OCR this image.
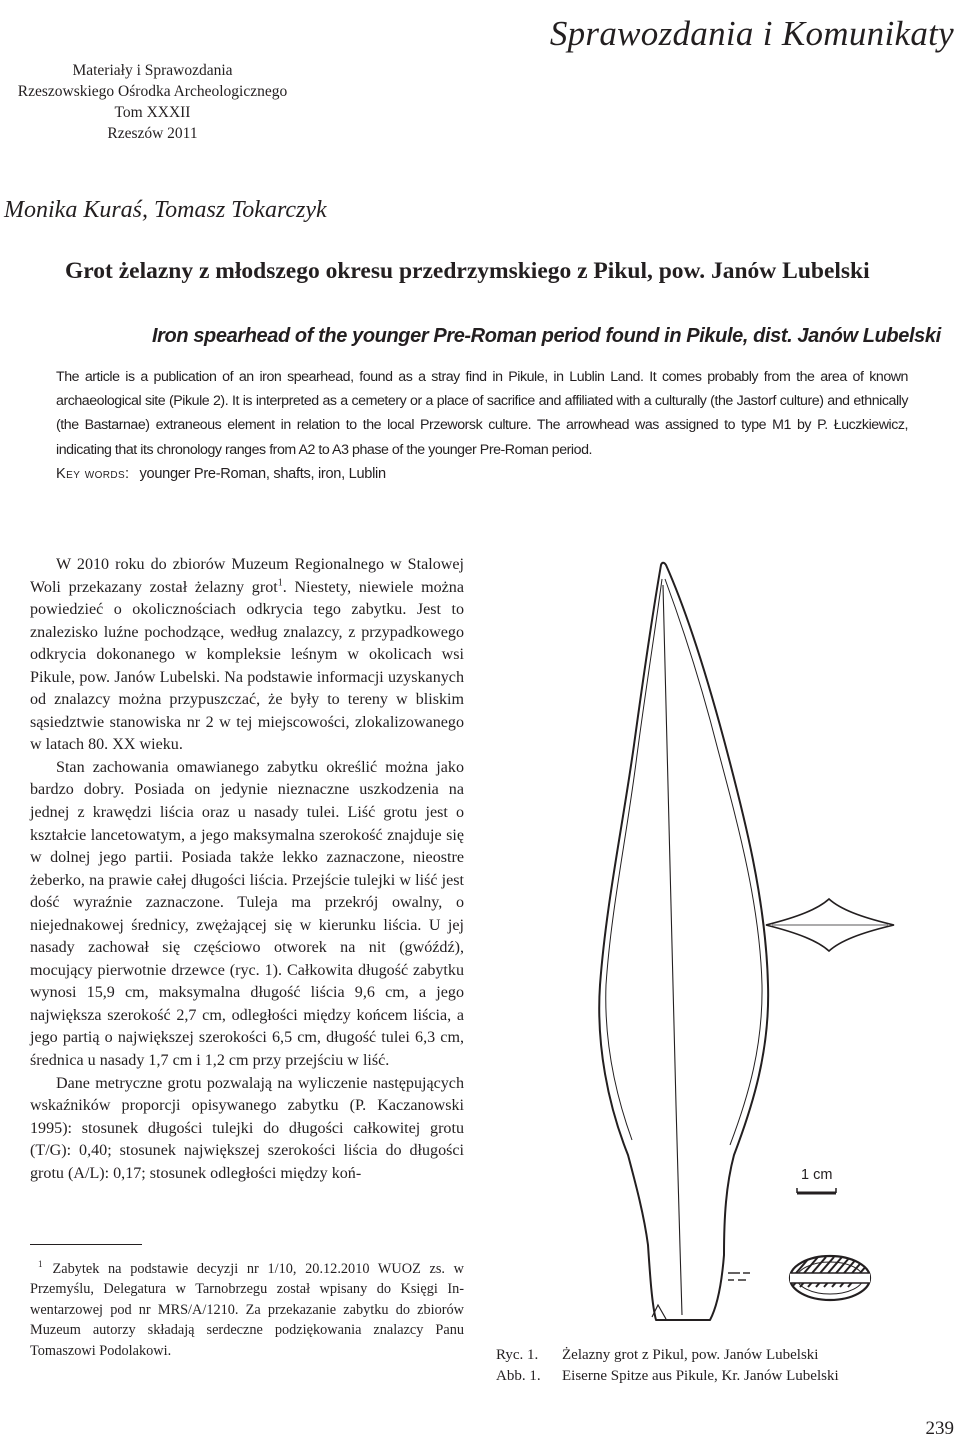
Sprawozdania i Komunikaty
Materiały i Sprawozdania
Rzeszowskiego Ośrodka Archeologicznego
Tom XXXII
Rzeszów 2011
Monika Kuraś, Tomasz Tokarczyk
Grot żelazny z młodszego okresu przedrzymskiego z Pikul, pow. Janów Lubelski
Iron spearhead of the younger Pre-Roman period found in Pikule, dist. Janów Lubelski
The article is a publication of an iron spearhead, found as a stray find in Pikule, in Lublin Land. It comes probably from the area of known archaeological site (Pikule 2). It is interpreted as a cemetery or a place of sacrifice and affiliated with a culturally (the Jastorf culture) and ethnically (the Bastarnae) extraneous element in relation to the local Przeworsk culture. The arrowhead was assigned to type M1 by P. Łuczkiewicz, indicating that its chronology ranges from A2 to A3 phase of the younger Pre-Roman period.
Key words: younger Pre-Roman, shafts, iron, Lublin

W 2010 roku do zbiorów Muzeum Regionalnego w Stalowej Woli przekazany został żelazny grot$^1$. Niestety, niewiele można powiedzieć o okolicznościach odkrycia tego zabytku. Jest to znalezisko luźne pochodzące, według znalazcy, z przypadkowego odkrycia dokonanego w kompleksie leśnym w okolicach wsi Pikule, pow. Janów Lubelski. Na podstawie informacji uzyskanych od znalazcy można przypuszczać, że były to tereny w bliskim sąsiedztwie stanowiska nr 2 w tej miejscowości, zlokalizowanego w latach 80. XX wieku.

Stan zachowania omawianego zabytku określić można jako bardzo dobry. Posiada on jedynie nieznaczne uszkodzenia na jednej z krawędzi liścia oraz u nasady tulei. Liść grotu jest o kształcie lancetowatym, a jego maksymalna szerokość znajduje się w dolnej jego partii. Posiada także lekko zaznaczone, nieostre żeberko, na prawie całej długości liścia. Przejście tulejki w liść jest dość wyraźnie zaznaczone. Tuleja ma przekrój owalny, o niejednakowej średnicy, zwężającej się w kierunku liścia. U jej nasady zachował się częściowo otworek na nit (gwóźdź), mocujący pierwotnie drzewce (ryc. 1). Całkowita długość zabytku wynosi 15,9 cm, maksymalna długość liścia 9,6 cm, a jego największa szerokość 2,7 cm, odległości między końcem liścia, a jego partią o największej szerokości 6,5 cm, długość tulei 6,3 cm, średnica u nasady 1,7 cm i 1,2 cm przy przejściu w liść.

Dane metryczne grotu pozwalają na wyliczenie następujących wskaźników proporcji opisywanego zabytku (P. Kaczanowski 1995): stosunek długości tulejki do długości całkowitej grotu (T/G): 0,40; stosunek największej szerokości liścia do długości grotu (A/L): 0,17; stosunek odległości między koń-

$^1$ Zabytek na podstawie decyzji nr 1/10, 20.12.2010 WUOZ zs. w Przemyślu, Delegatura w Tarnobrzegu został wpisany do Księgi Inwentarzowej pod nr MRS/A/1210. Za przekazanie zabytku do zbiorów Muzeum autorzy składają serdeczne podziękowania znalazcy Panu Tomaszowi Podolakowi.
1 cm
Ryc. 1. Żelazny grot z Pikul, pow. Janów Lubelski
Abb. 1. Eiserne Spitze aus Pikule, Kr. Janów Lubelski
239
